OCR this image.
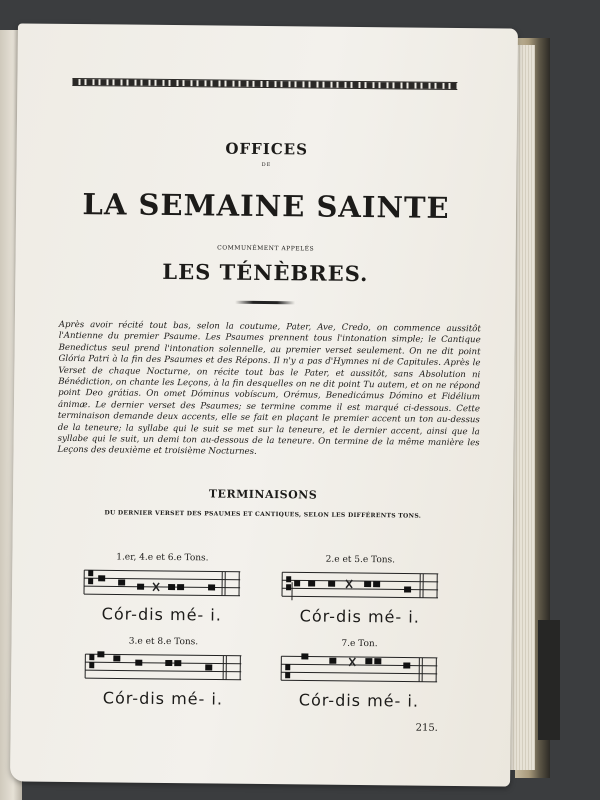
OFFICES
DE
LA SEMAINE SAINTE
COMMUNÉMENT APPELÉS
LES TÉNÈBRES.
Après avoir récité tout bas, selon la coutume, Pater, Ave, Credo, on commence aussitôt l'Antienne du premier Psaume. Les Psaumes prennent tous l'intonation simple; le Cantique Benedictus seul prend l'intonation solennelle, au premier verset seulement. On ne dit point Glória Patri à la fin des Psaumes et des Répons. Il n'y a pas d'Hymnes ni de Capitules. Après le Verset de chaque Nocturne, on récite tout bas le Pater, et aussitôt, sans Absolution ni Bénédiction, on chante les Leçons, à la fin desquelles on ne dit point Tu autem, et on ne répond point Deo grátias. On omet Dóminus vobíscum, Orémus, Benedicámus Dómino et Fidélium ánimæ. Le dernier verset des Psaumes; se termine comme il est marqué ci-dessous. Cette terminaison demande deux accents, elle se fait en plaçant le premier accent un ton au-dessus de la teneure; la syllabe qui le suit se met sur la teneure, et le dernier accent, ainsi que la syllabe qui le suit, un demi ton au-dessous de la teneure. On termine de la même manière les Leçons des deuxième et troisième Nocturnes.
TERMINAISONS
DU DERNIER VERSET DES PSAUMES ET CANTIQUES, SELON LES DIFFÉRENTS TONS.
1.er, 4.e et 6.e Tons.
Cór-dis mé- i.
2.e et 5.e Tons.
Cór-dis mé- i.
3.e et 8.e Tons.
Cór-dis mé- i.
7.e Ton.
Cór-dis mé- i.
215.
